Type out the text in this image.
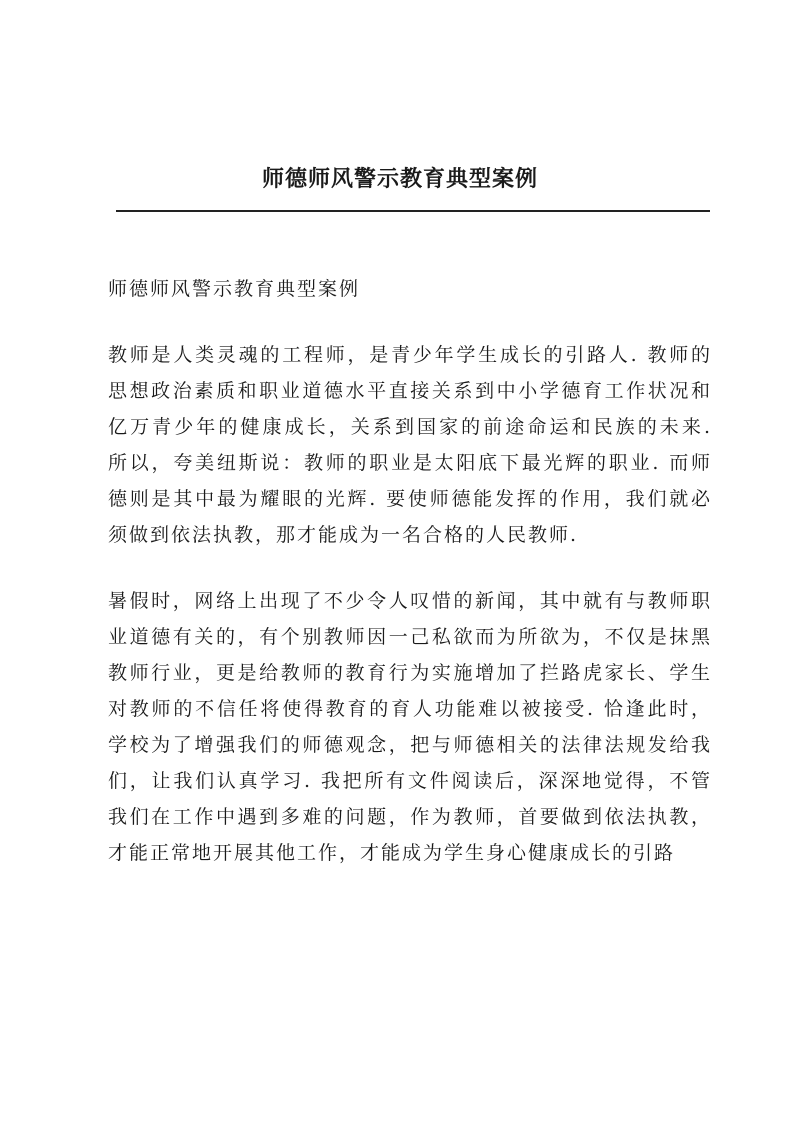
师德师风警示教育典型案例

师德师风警示教育典型案例

教师是人类灵魂的工程师，是青少年学生成长的引路人. 教师的思想政治素质和职业道德水平直接关系到中小学德育工作状况和亿万青少年的健康成长，关系到国家的前途命运和民族的未来. 所以，夸美纽斯说：教师的职业是太阳底下最光辉的职业. 而师德则是其中最为耀眼的光辉. 要使师德能发挥的作用，我们就必须做到依法执教，那才能成为一名合格的人民教师.

暑假时，网络上出现了不少令人叹惜的新闻，其中就有与教师职业道德有关的，有个别教师因一己私欲而为所欲为，不仅是抹黑教师行业，更是给教师的教育行为实施增加了拦路虎家长、学生对教师的不信任将使得教育的育人功能难以被接受. 恰逢此时，学校为了增强我们的师德观念，把与师德相关的法律法规发给我们，让我们认真学习. 我把所有文件阅读后，深深地觉得，不管我们在工作中遇到多难的问题，作为教师，首要做到依法执教，才能正常地开展其他工作，才能成为学生身心健康成长的引路
